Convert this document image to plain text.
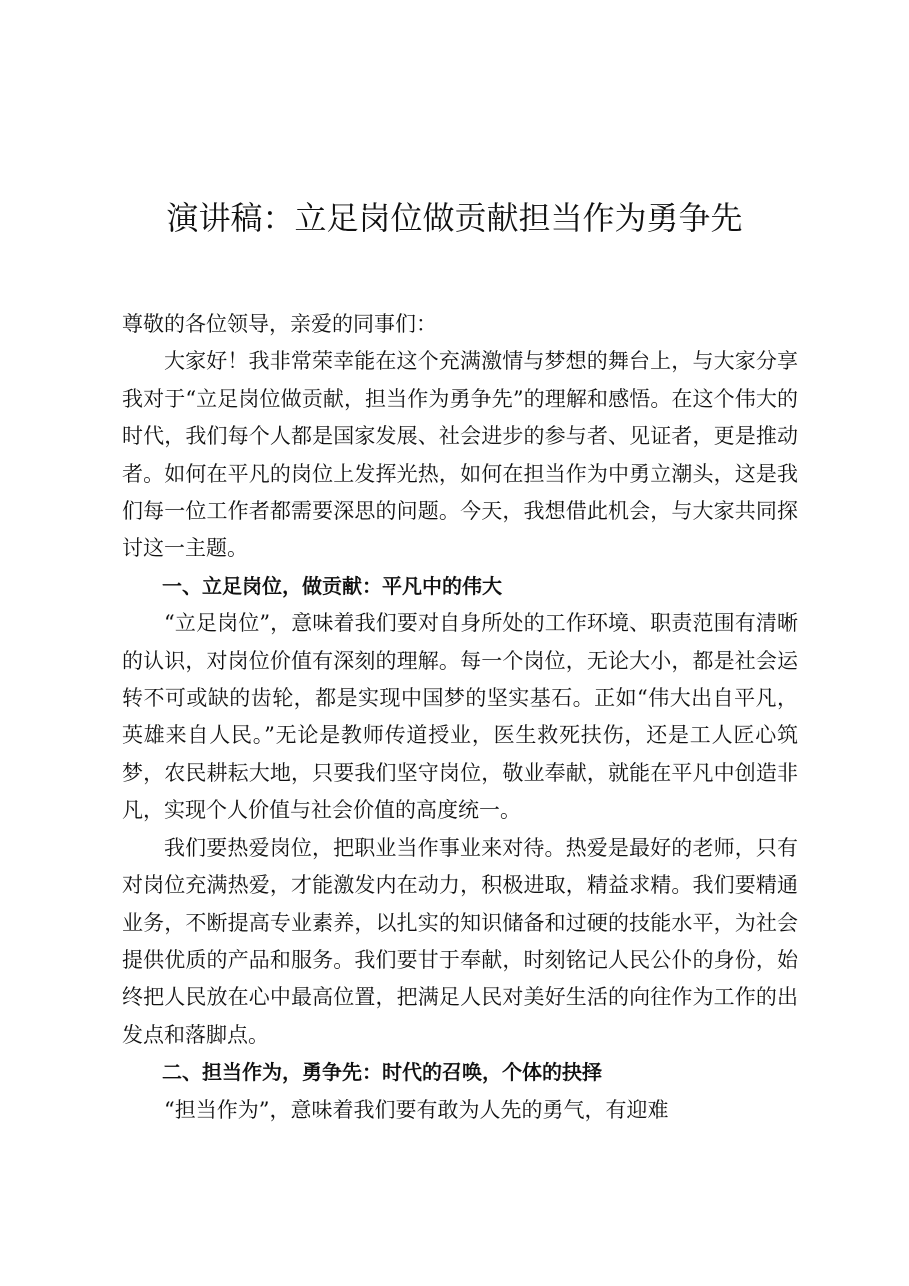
演讲稿：立足岗位做贡献担当作为勇争先

尊敬的各位领导，亲爱的同事们：

大家好！我非常荣幸能在这个充满激情与梦想的舞台上，与大家分享我对于“立足岗位做贡献，担当作为勇争先”的理解和感悟。在这个伟大的时代，我们每个人都是国家发展、社会进步的参与者、见证者，更是推动者。如何在平凡的岗位上发挥光热，如何在担当作为中勇立潮头，这是我们每一位工作者都需要深思的问题。今天，我想借此机会，与大家共同探讨这一主题。

一、立足岗位，做贡献：平凡中的伟大

“立足岗位”，意味着我们要对自身所处的工作环境、职责范围有清晰的认识，对岗位价值有深刻的理解。每一个岗位，无论大小，都是社会运转不可或缺的齿轮，都是实现中国梦的坚实基石。正如“伟大出自平凡，英雄来自人民。”无论是教师传道授业，医生救死扶伤，还是工人匠心筑梦，农民耕耘大地，只要我们坚守岗位，敬业奉献，就能在平凡中创造非凡，实现个人价值与社会价值的高度统一。

我们要热爱岗位，把职业当作事业来对待。热爱是最好的老师，只有对岗位充满热爱，才能激发内在动力，积极进取，精益求精。我们要精通业务，不断提高专业素养，以扎实的知识储备和过硬的技能水平，为社会提供优质的产品和服务。我们要甘于奉献，时刻铭记人民公仆的身份，始终把人民放在心中最高位置，把满足人民对美好生活的向往作为工作的出发点和落脚点。

二、担当作为，勇争先：时代的召唤，个体的抉择

“担当作为”，意味着我们要有敢为人先的勇气，有迎难
